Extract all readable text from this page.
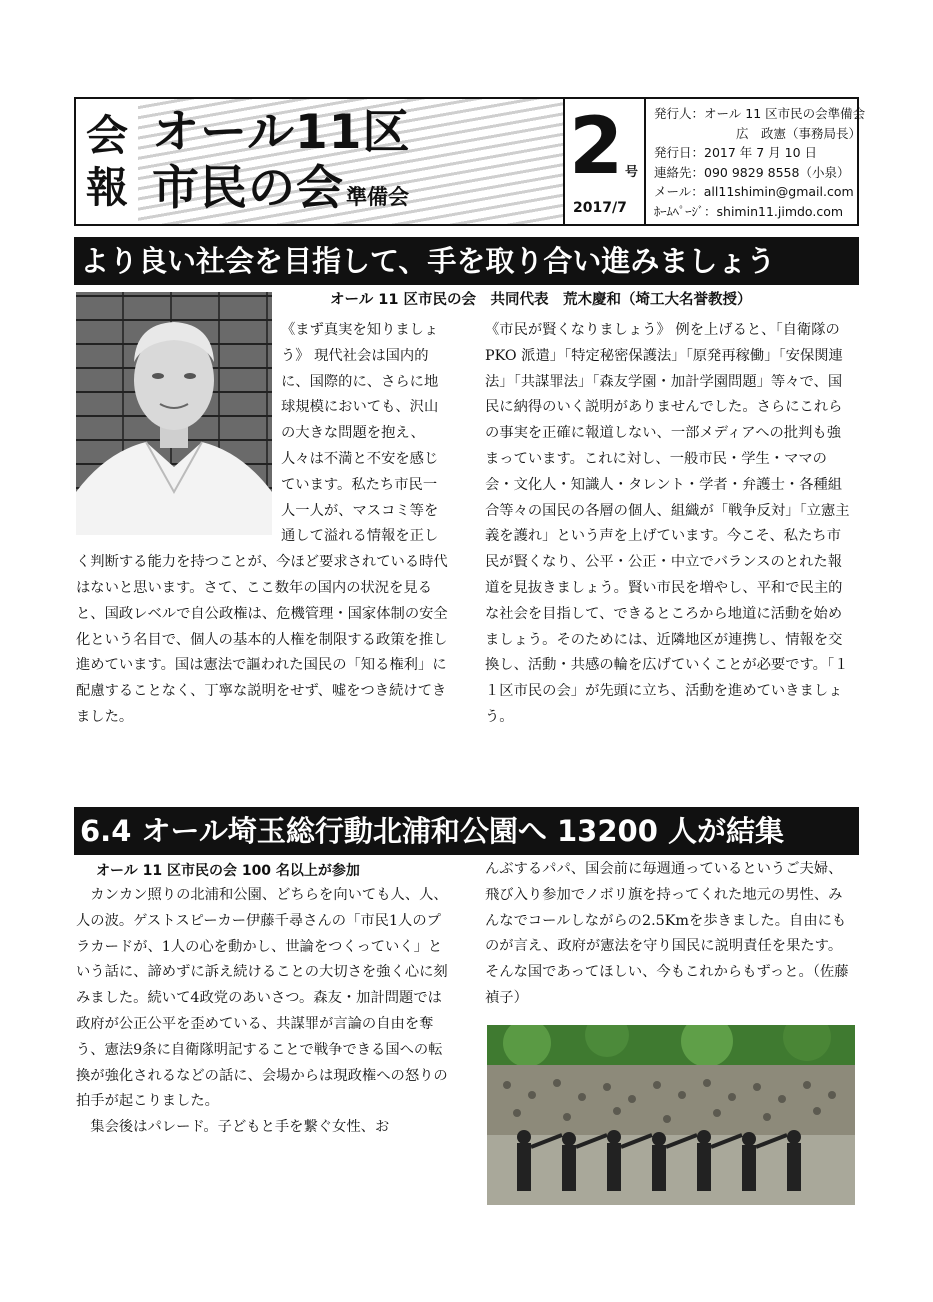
会
報
オール11区
市民の会準備会
2 号
2017/7
発行人：オール 11 区市民の会準備会
広　政憲（事務局長）
発行日：2017 年 7 月 10 日
連絡先：090 9829 8558（小泉）
メール：all11shimin@gmail.com
ﾎｰﾑﾍﾟｰｼﾞ：shimin11.jimdo.com
より良い社会を目指して、手を取り合い進みましょう
オール 11 区市民の会　共同代表　荒木慶和（埼工大名誉教授）

《まず真実を知りましょう》 現代社会は国内的に、国際的に、さらに地球規模においても、沢山の大きな問題を抱え、人々は不満と不安を感じています。私たち市民一人一人が、マスコミ等を通して溢れる情報を正しく判断する能力を持つことが、今ほど要求されている時代はないと思います。さて、ここ数年の国内の状況を見ると、国政レベルで自公政権は、危機管理・国家体制の安全化という名目で、個人の基本的人権を制限する政策を推し進めています。国は憲法で謳われた国民の「知る権利」に配慮することなく、丁寧な説明をせず、嘘をつき続けてきました。

《市民が賢くなりましょう》 例を上げると、「自衛隊の PKO 派遣」「特定秘密保護法」「原発再稼働」「安保関連法」「共謀罪法」「森友学園・加計学園問題」等々で、国民に納得のいく説明がありませんでした。さらにこれらの事実を正確に報道しない、一部メディアへの批判も強まっています。これに対し、一般市民・学生・ママの会・文化人・知識人・タレント・学者・弁護士・各種組合等々の国民の各層の個人、組織が「戦争反対」「立憲主義を護れ」という声を上げています。今こそ、私たち市民が賢くなり、公平・公正・中立でバランスのとれた報道を見抜きましょう。賢い市民を増やし、平和で民主的な社会を目指して、できるところから地道に活動を始めましょう。そのためには、近隣地区が連携し、情報を交換し、活動・共感の輪を広げていくことが必要です。「１１区市民の会」が先頭に立ち、活動を進めていきましょう。

6.4 オール埼玉総行動北浦和公園へ 13200 人が結集
オール 11 区市民の会 100 名以上が参加

カンカン照りの北浦和公園、どちらを向いても人、人、人の波。ゲストスピーカー伊藤千尋さんの「市民1人のプラカードが、1人の心を動かし、世論をつくっていく」という話に、諦めずに訴え続けることの大切さを強く心に刻みました。続いて4政党のあいさつ。森友・加計問題では政府が公正公平を歪めている、共謀罪が言論の自由を奪う、憲法9条に自衛隊明記することで戦争できる国への転換が強化されるなどの話に、会場からは現政権への怒りの拍手が起こりました。

集会後はパレード。子どもと手を繋ぐ女性、お

んぶするパパ、国会前に毎週通っているというご夫婦、飛び入り参加でノボリ旗を持ってくれた地元の男性、みんなでコールしながらの2.5Kmを歩きました。自由にものが言え、政府が憲法を守り国民に説明責任を果たす。そんな国であってほしい、今もこれからもずっと。（佐藤禎子）
